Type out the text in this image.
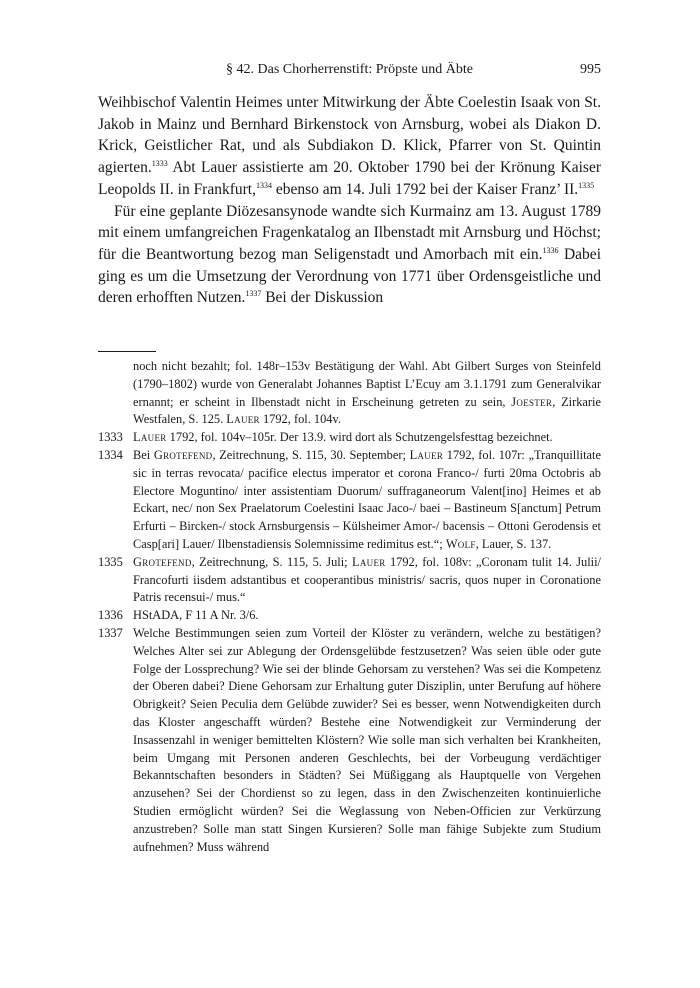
§ 42. Das Chorherrenstift: Pröpste und Äbte	995

Weihbischof Valentin Heimes unter Mitwirkung der Äbte Coelestin Isaak von St. Jakob in Mainz und Bernhard Birkenstock von Arnsburg, wobei als Diakon D. Krick, Geistlicher Rat, und als Subdiakon D. Klick, Pfarrer von St. Quintin agierten.$^{1333}$ Abt Lauer assistierte am 20. Oktober 1790 bei der Krönung Kaiser Leopolds II. in Frankfurt,$^{1334}$ ebenso am 14. Juli 1792 bei der Kaiser Franz’ II.$^{1335}$

Für eine geplante Diözesansynode wandte sich Kurmainz am 13. August 1789 mit einem umfangreichen Fragenkatalog an Ilbenstadt mit Arnsburg und Höchst; für die Beantwortung bezog man Seligenstadt und Amorbach mit ein.$^{1336}$ Dabei ging es um die Umsetzung der Verordnung von 1771 über Ordensgeistliche und deren erhofften Nutzen.$^{1337}$ Bei der Diskussion

noch nicht bezahlt; fol. 148r–153v Bestätigung der Wahl. Abt Gilbert Surges von Steinfeld (1790–1802) wurde von Generalabt Johannes Baptist L’Ecuy am 3.1.1791 zum Generalvikar ernannt; er scheint in Ilbenstadt nicht in Erscheinung getreten zu sein, Joester, Zirkarie Westfalen, S. 125. Lauer 1792, fol. 104v.
1333 Lauer 1792, fol. 104v–105r. Der 13.9. wird dort als Schutzengelsfesttag bezeichnet.
1334 Bei Grotefend, Zeitrechnung, S. 115, 30. September; Lauer 1792, fol. 107r: „Tranquillitate sic in terras revocata/ pacifice electus imperator et corona Franco-/ furti 20ma Octobris ab Electore Moguntino/ inter assistentiam Duorum/ suffraganeorum Valent[ino] Heimes et ab Eckart, nec/ non Sex Praelatorum Coelestini Isaac Jaco-/ baei – Bastineum S[anctum] Petrum Erfurti – Bircken-/ stock Arnsburgensis – Külsheimer Amor-/ bacensis – Ottoni Gerodensis et Casp[ari] Lauer/ Ilbenstadiensis Solemnissime redimitus est.“; Wolf, Lauer, S. 137.
1335 Grotefend, Zeitrechnung, S. 115, 5. Juli; Lauer 1792, fol. 108v: „Coronam tulit 14. Julii/ Francofurti iisdem adstantibus et cooperantibus ministris/ sacris, quos nuper in Coronatione Patris recensui-/ mus.“
1336 HStADA, F 11 A Nr. 3/6.
1337 Welche Bestimmungen seien zum Vorteil der Klöster zu verändern, welche zu bestätigen? Welches Alter sei zur Ablegung der Ordensgelübde festzusetzen? Was seien üble oder gute Folge der Lossprechung? Wie sei der blinde Gehorsam zu verstehen? Was sei die Kompetenz der Oberen dabei? Diene Gehorsam zur Erhaltung guter Disziplin, unter Berufung auf höhere Obrigkeit? Seien Peculia dem Gelübde zuwider? Sei es besser, wenn Notwendigkeiten durch das Kloster angeschafft würden? Bestehe eine Notwendigkeit zur Verminderung der Insassenzahl in weniger bemittelten Klöstern? Wie solle man sich verhalten bei Krankheiten, beim Umgang mit Personen anderen Geschlechts, bei der Vorbeugung verdächtiger Bekanntschaften besonders in Städten? Sei Müßiggang als Hauptquelle von Vergehen anzusehen? Sei der Chordienst so zu legen, dass in den Zwischenzeiten kontinuierliche Studien ermöglicht würden? Sei die Weglassung von Neben-Officien zur Verkürzung anzustreben? Solle man statt Singen Kursieren? Solle man fähige Subjekte zum Studium aufnehmen? Muss während
